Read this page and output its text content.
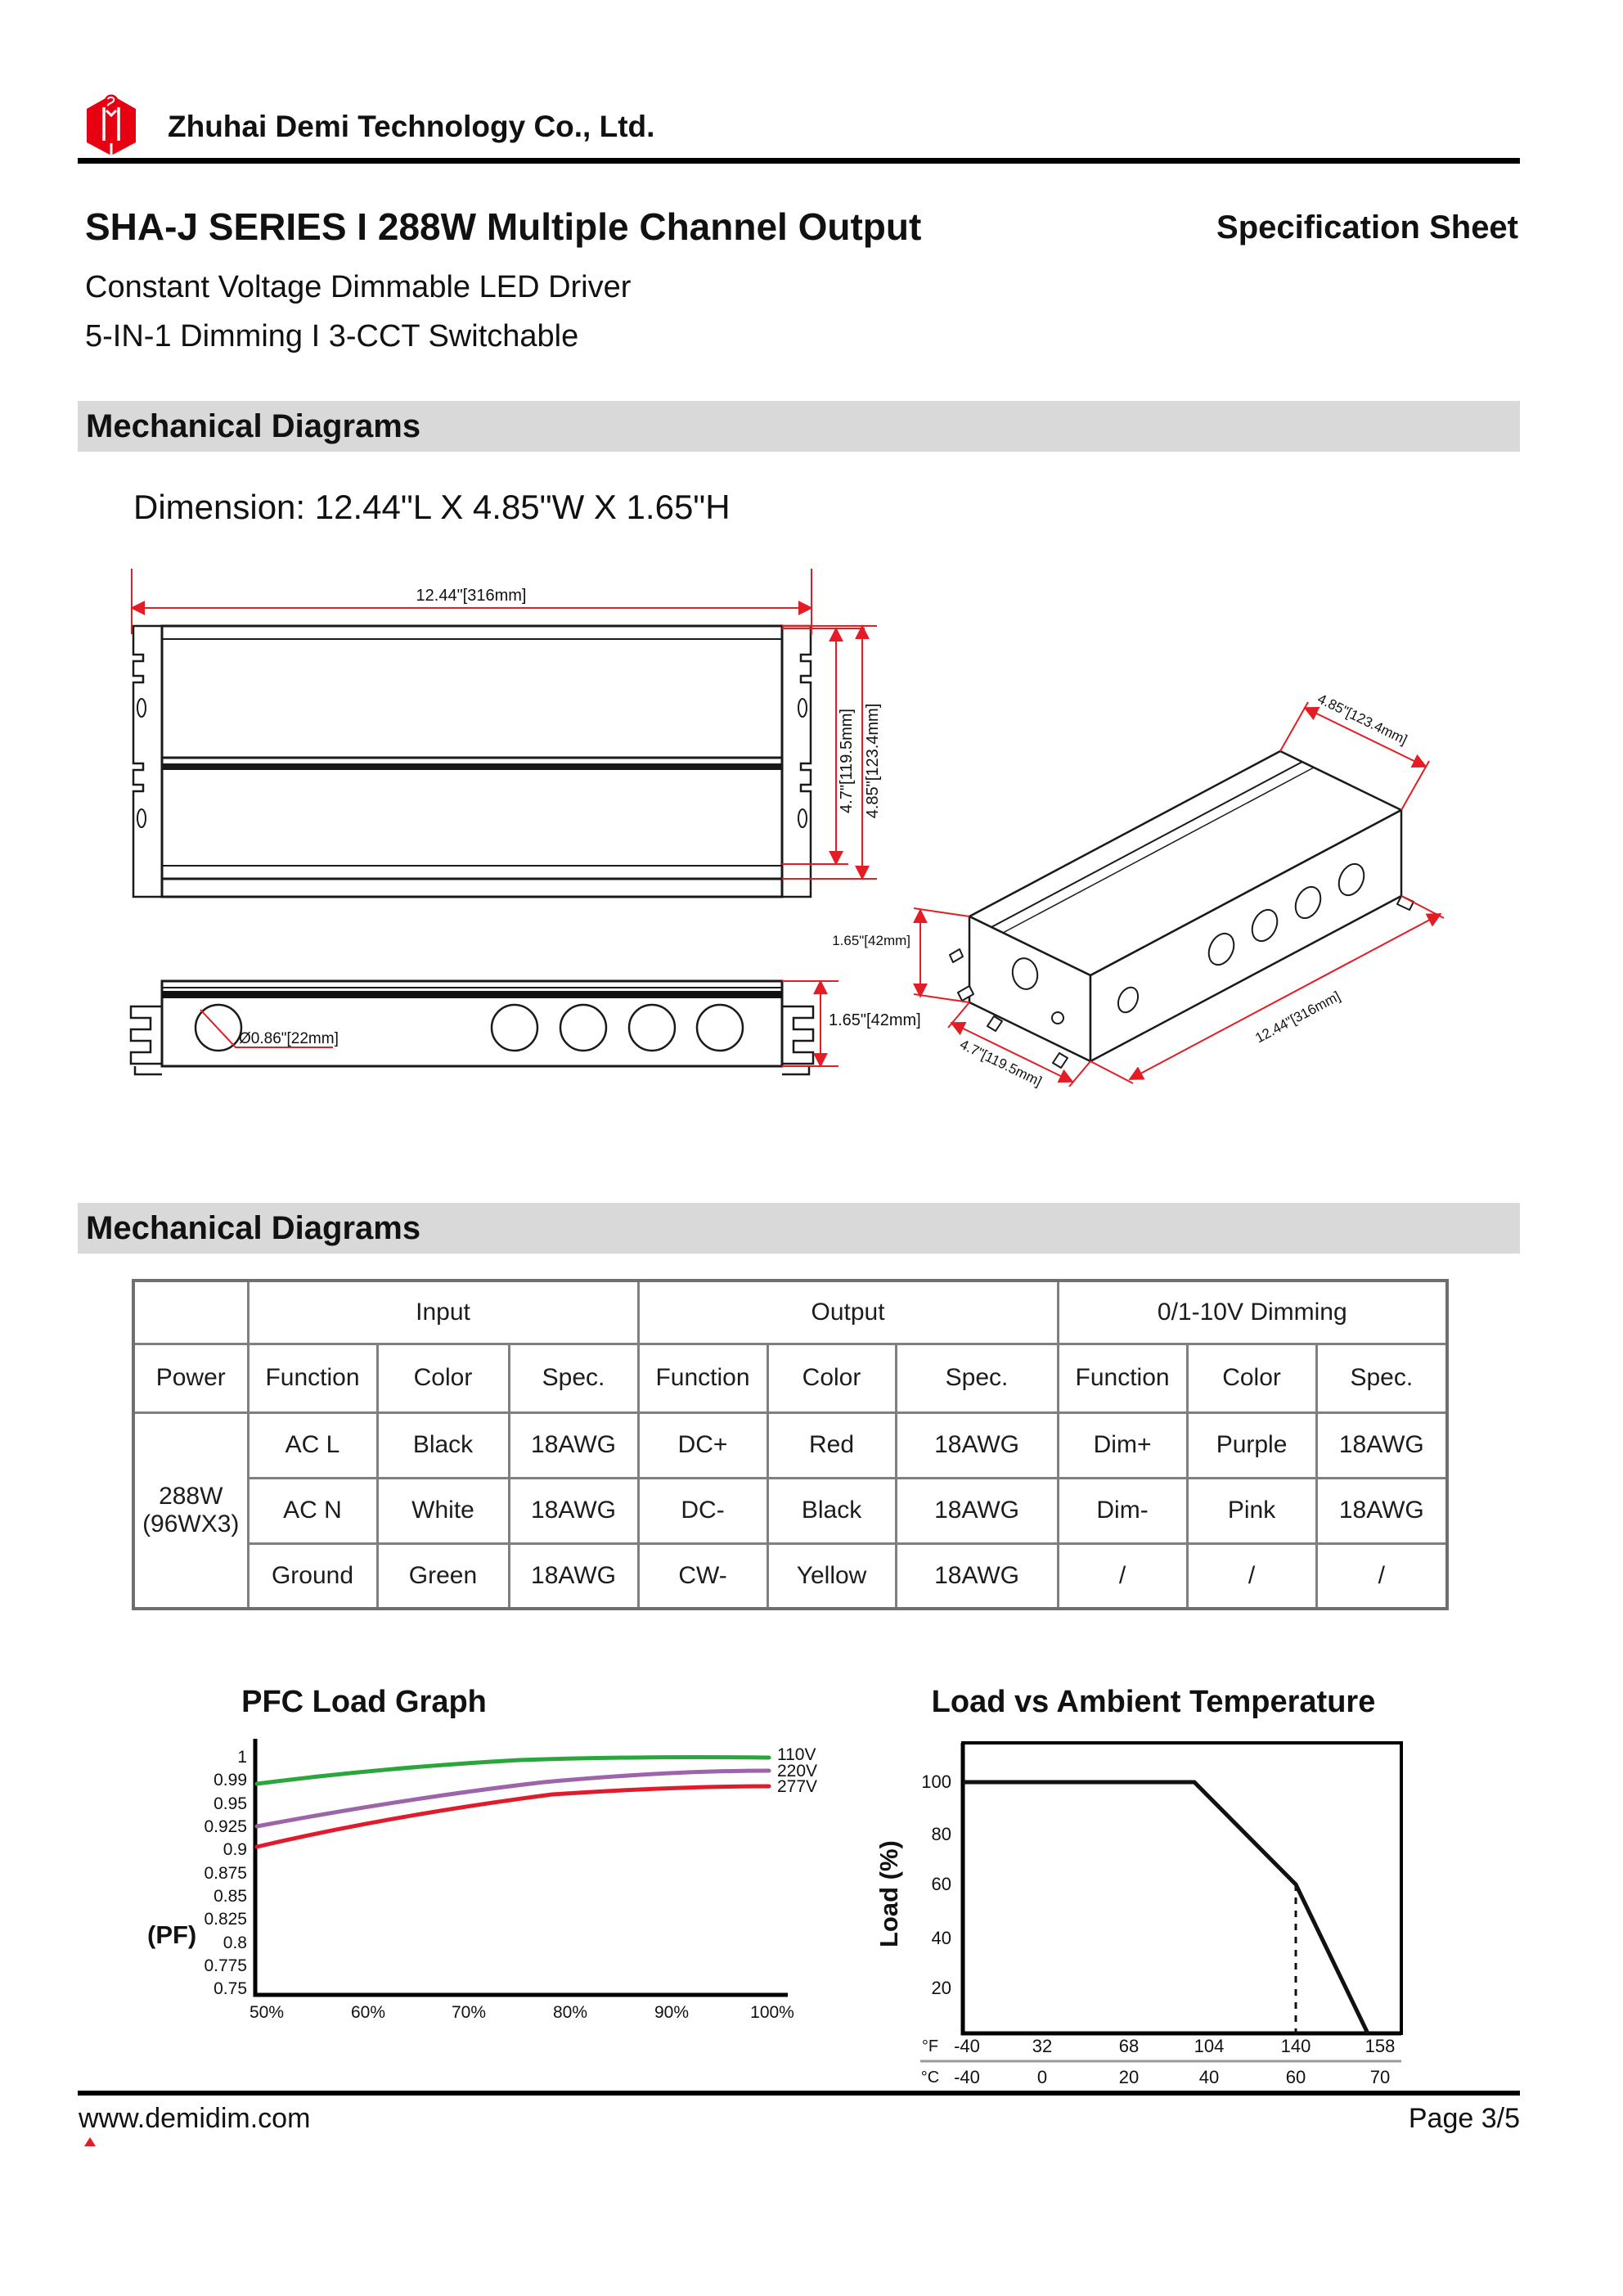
Zhuhai Demi Technology Co., Ltd.
SHA-J SERIES I 288W Multiple Channel Output	Specification Sheet
Constant Voltage Dimmable LED Driver
5-IN-1 Dimming I 3-CCT Switchable
Mechanical Diagrams
Dimension: 12.44"L X 4.85"W X 1.65"H
12.44"[316mm]
4.7"[119.5mm] 4.85"[123.4mm]
Ø0.86"[22mm]
1.65"[42mm]
4.85"[123.4mm]
12.44"[316mm]
4.7"[119.5mm]
1.65"[42mm]
Mechanical Diagrams
	Input			Output			0/1-10V Dimming		
Power	Function	Color	Spec.	Function	Color	Spec.	Function	Color	Spec.

288W
(96WX3)	AC L	Black	18AWG	DC+	Red	18AWG	Dim+	Purple	18AWG
	AC N	White	18AWG	DC-	Black	18AWG	Dim-	Pink	18AWG
	Ground	Green	18AWG	CW-	Yellow	18AWG	/	/	/
PFC Load Graph
1
0.99
0.95
0.925
0.9
0.875
0.85
0.825
0.8
0.775
0.75
50%	60%	70%	80%	90%	100%
(PF)
110V
220V
277V
Load vs Ambient Temperature
100
80
60
40
20
Load (%)
°F -40	32	68	104	140	158
°C -40	0	20	40	60	70
www.demidim.com	Page 3/5
